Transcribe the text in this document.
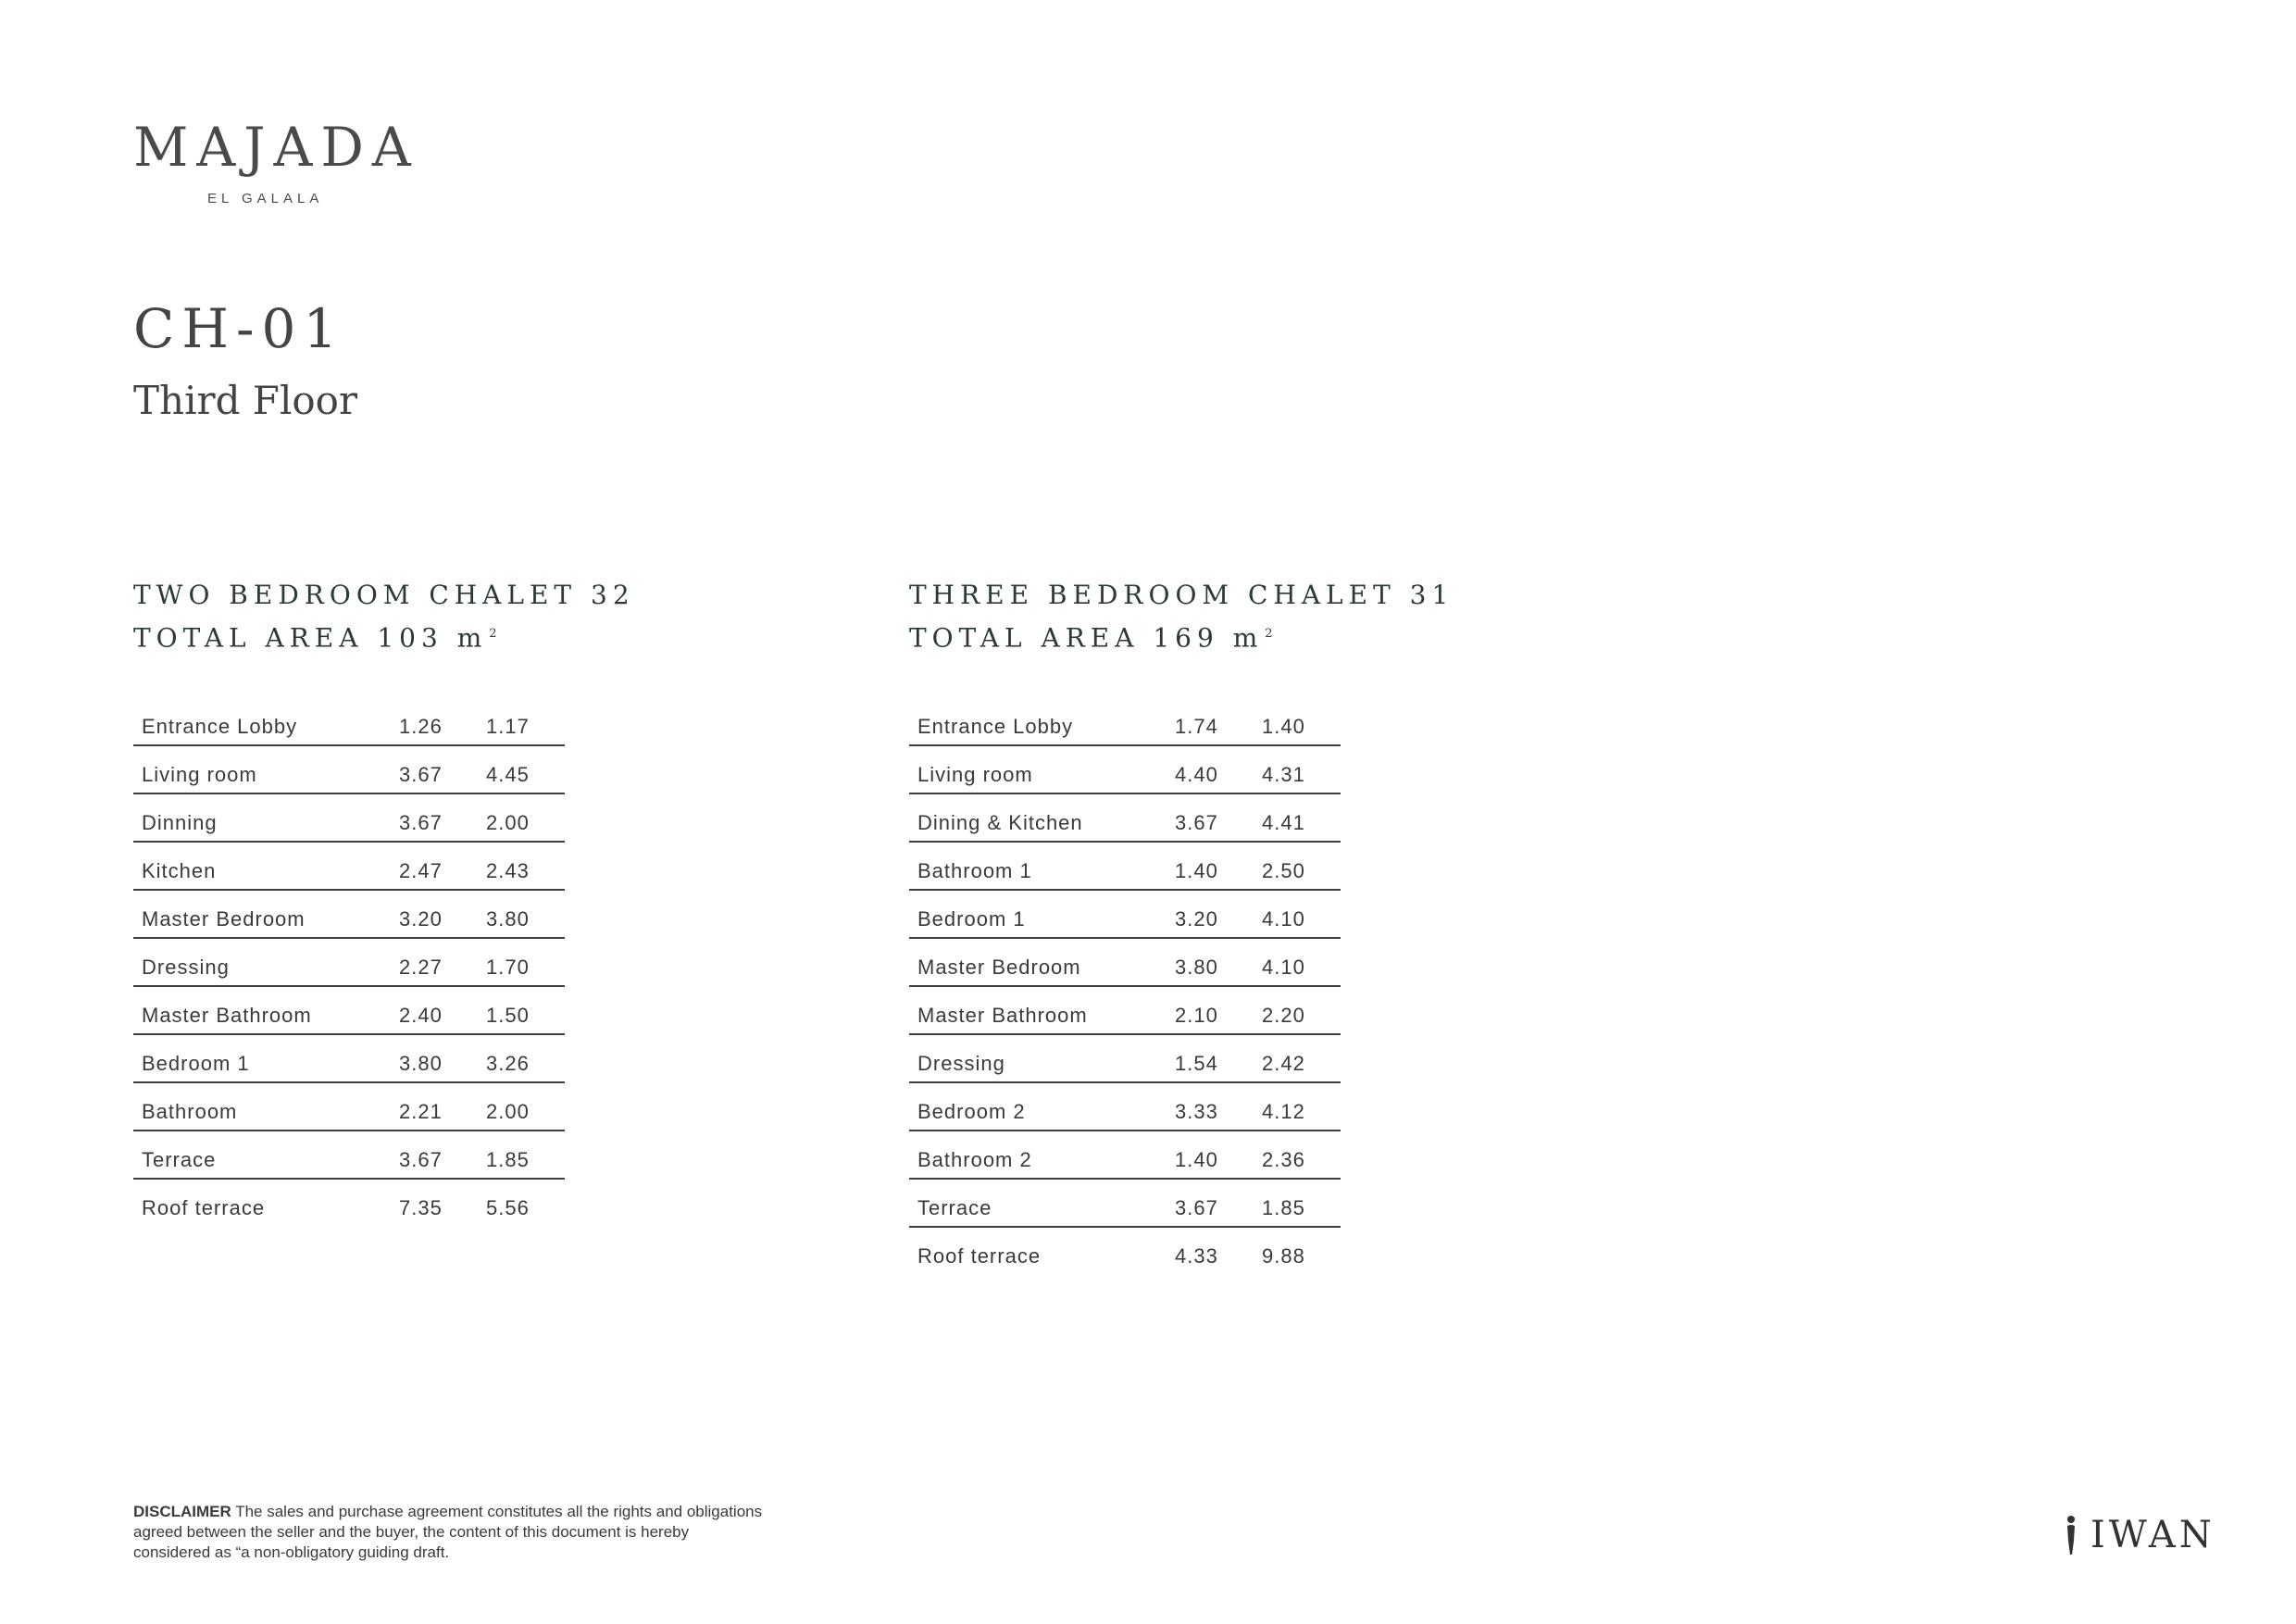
MAJADA
EL GALALA
CH-01
Third Floor
TWO BEDROOM CHALET 32
TOTAL AREA 103 m $^2$
Entrance Lobby	1.26 1.17
Living room	3.67 4.45
Dinning	3.67 2.00
Kitchen	2.47 2.43
Master Bedroom	3.20 3.80
Dressing	2.27 1.70
Master Bathroom	2.40 1.50
Bedroom 1	3.80 3.26
Bathroom	2.21 2.00
Terrace	3.67 1.85
Roof terrace	7.35 5.56
THREE BEDROOM CHALET 31
TOTAL AREA 169 m $^2$
Entrance Lobby	1.74 1.40
Living room	4.40 4.31
Dining & Kitchen	3.67 4.41
Bathroom 1	1.40 2.50
Bedroom 1	3.20 4.10
Master Bedroom	3.80 4.10
Master Bathroom	2.10 2.20
Dressing	1.54 2.42
Bedroom 2	3.33 4.12
Bathroom 2	1.40 2.36
Terrace	3.67 1.85
Roof terrace	4.33 9.88
DISCLAIMER The sales and purchase agreement constitutes all the rights and obligations agreed between the seller and the buyer, the content of this document is hereby considered as “a non-obligatory guiding draft.	IWAN
